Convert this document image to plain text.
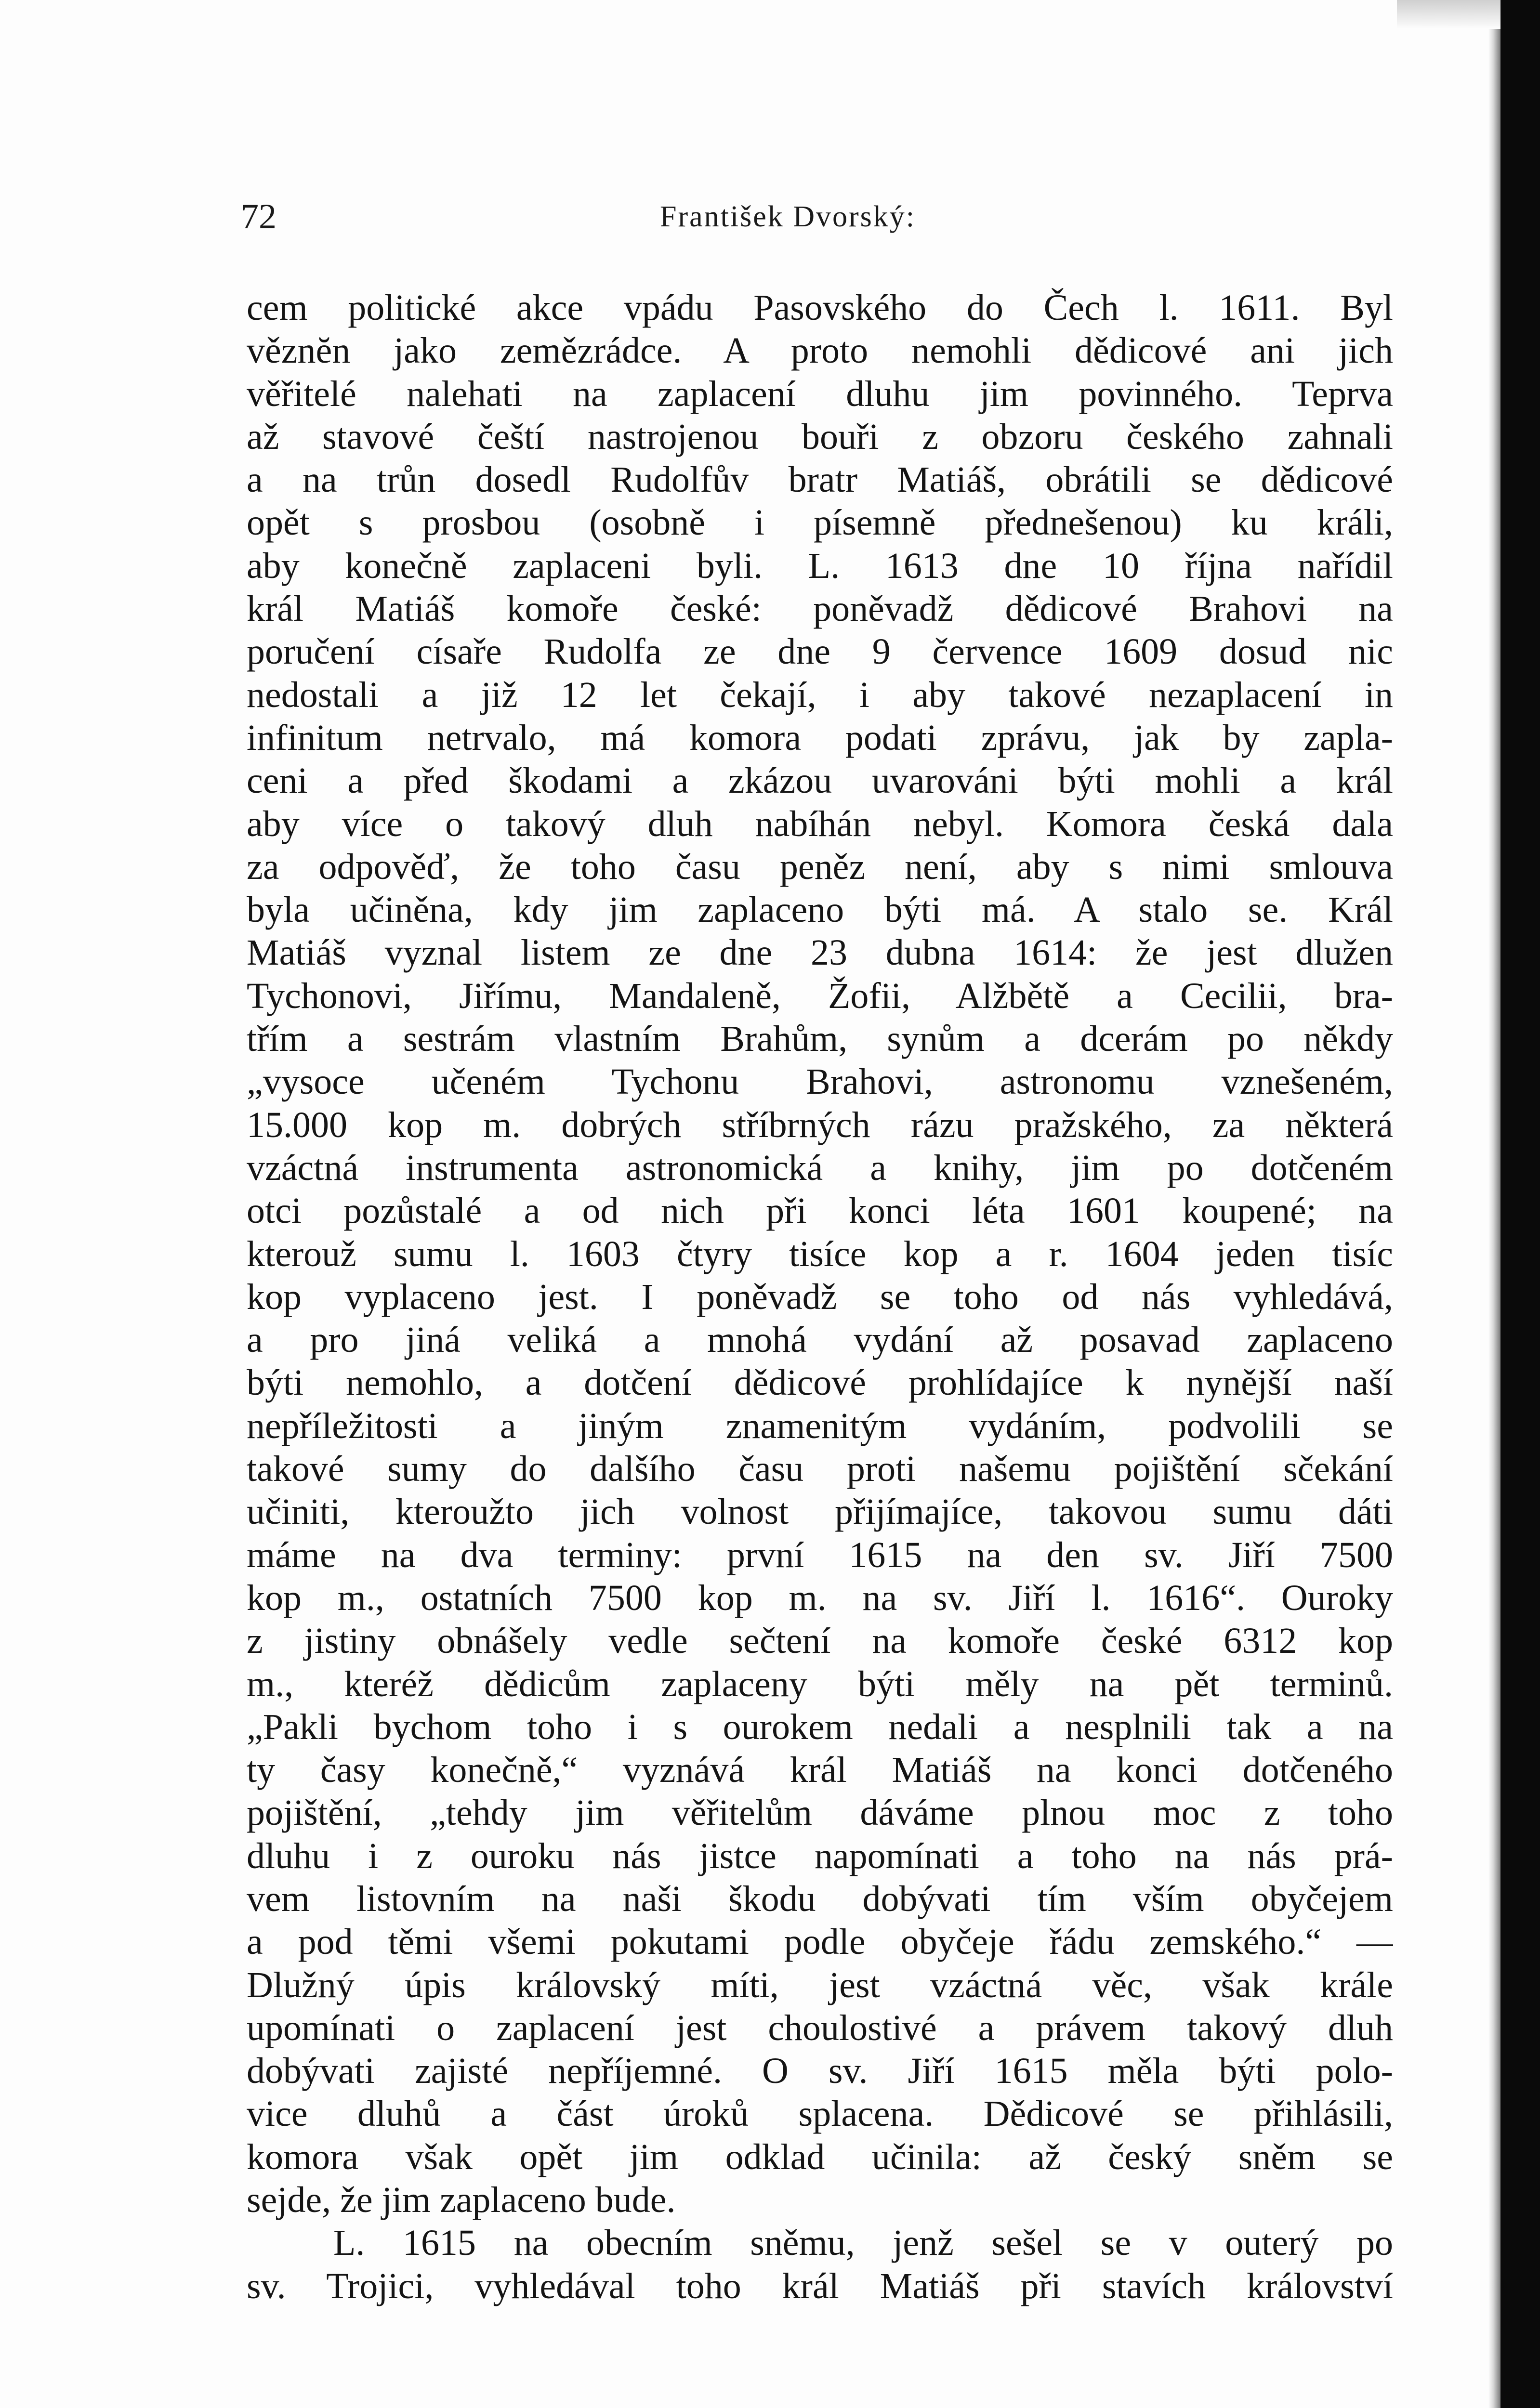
72	František Dvorský:
cem politické akce vpádu Pasovského do Čech l. 1611. Byl
věznĕn jako zemězrádce. A proto nemohli dědicové ani jich
věřitelé nalehati na zaplacení dluhu jim povinného. Teprva
až stavové čeští nastrojenou bouři z obzoru českého zahnali
a na trůn dosedl Rudolfův bratr Matiáš, obrátili se dědicové
opět s prosbou (osobně i písemně přednešenou) ku králi,
aby konečně zaplaceni byli. L. 1613 dne 10 října nařídil
král Matiáš komoře české: poněvadž dědicové Brahovi na
poručení císaře Rudolfa ze dne 9 července 1609 dosud nic
nedostali a již 12 let čekají, i aby takové nezaplacení in
infinitum netrvalo, má komora podati zprávu, jak by zapla-
ceni a před škodami a zkázou uvarováni býti mohli a král
aby více o takový dluh nabíhán nebyl. Komora česká dala
za odpověď, že toho času peněz není, aby s nimi smlouva
byla učiněna, kdy jim zaplaceno býti má. A stalo se. Král
Matiáš vyznal listem ze dne 23 dubna 1614: že jest dlužen
Tychonovi, Jiřímu, Mandaleně, Žofii, Alžbětě a Cecilii, bra-
třím a sestrám vlastním Brahům, synům a dcerám po někdy
„vysoce učeném Tychonu Brahovi, astronomu vznešeném,
15.000 kop m. dobrých stříbrných rázu pražského, za některá
vzáctná instrumenta astronomická a knihy, jim po dotčeném
otci pozůstalé a od nich při konci léta 1601 koupené; na
kterouž sumu l. 1603 čtyry tisíce kop a r. 1604 jeden tisíc
kop vyplaceno jest. I poněvadž se toho od nás vyhledává,
a pro jiná veliká a mnohá vydání až posavad zaplaceno
býti nemohlo, a dotčení dědicové prohlídajíce k nynější naší
nepříležitosti a jiným znamenitým vydáním, podvolili se
takové sumy do dalšího času proti našemu pojištění sčekání
učiniti, kteroužto jich volnost přijímajíce, takovou sumu dáti
máme na dva terminy: první 1615 na den sv. Jiří 7500
kop m., ostatních 7500 kop m. na sv. Jiří l. 1616“. Ouroky
z jistiny obnášely vedle sečtení na komoře české 6312 kop
m., kteréž dědicům zaplaceny býti měly na pět terminů.
„Pakli bychom toho i s ourokem nedali a nesplnili tak a na
ty časy konečně,“ vyznává král Matiáš na konci dotčeného
pojištění, „tehdy jim věřitelům dáváme plnou moc z toho
dluhu i z ouroku nás jistce napomínati a toho na nás prá-
vem listovním na naši škodu dobývati tím vším obyčejem
a pod těmi všemi pokutami podle obyčeje řádu zemského.“ —
Dlužný úpis královský míti, jest vzáctná věc, však krále
upomínati o zaplacení jest choulostivé a právem takový dluh
dobývati zajisté nepříjemné. O sv. Jiří 1615 měla býti polo-
vice dluhů a část úroků splacena. Dědicové se přihlásili,
komora však opět jim odklad učinila: až český sněm se
sejde, že jim zaplaceno bude.
L. 1615 na obecním sněmu, jenž sešel se v outerý po
sv. Trojici, vyhledával toho král Matiáš při stavích království
